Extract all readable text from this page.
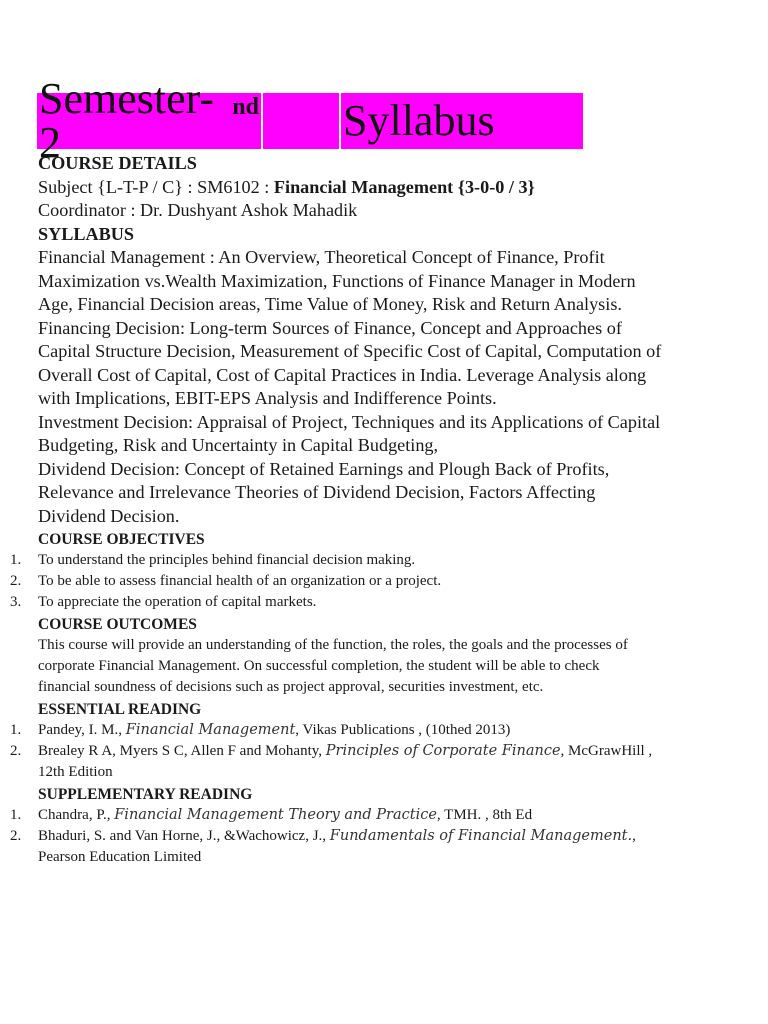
Semester- 2
$^{nd}$ Syllabus
COURSE DETAILS
Subject {L-T-P / C} : SM6102 : Financial Management {3-0-0 / 3}
Coordinator : Dr. Dushyant Ashok Mahadik
SYLLABUS
Financial Management : An Overview, Theoretical Concept of Finance, Profit
Maximization vs.Wealth Maximization, Functions of Finance Manager in Modern
Age, Financial Decision areas, Time Value of Money, Risk and Return Analysis.
Financing Decision: Long-term Sources of Finance, Concept and Approaches of
Capital Structure Decision, Measurement of Specific Cost of Capital, Computation of
Overall Cost of Capital, Cost of Capital Practices in India. Leverage Analysis along
with Implications, EBIT-EPS Analysis and Indifference Points.
Investment Decision: Appraisal of Project, Techniques and its Applications of Capital
Budgeting, Risk and Uncertainty in Capital Budgeting,
Dividend Decision: Concept of Retained Earnings and Plough Back of Profits,
Relevance and Irrelevance Theories of Dividend Decision, Factors Affecting
Dividend Decision.
COURSE OBJECTIVES
1. To understand the principles behind financial decision making.
2. To be able to assess financial health of an organization or a project.
3. To appreciate the operation of capital markets.
COURSE OUTCOMES
This course will provide an understanding of the function, the roles, the goals and the processes of
corporate Financial Management. On successful completion, the student will be able to check
financial soundness of decisions such as project approval, securities investment, etc.
ESSENTIAL READING
1. Pandey, I. M., Financial Management, Vikas Publications , (10thed 2013)
2. Brealey R A, Myers S C, Allen F and Mohanty, Principles of Corporate Finance, McGrawHill ,
12th Edition
SUPPLEMENTARY READING
1. Chandra, P., Financial Management Theory and Practice, TMH. , 8th Ed
2. Bhaduri, S. and Van Horne, J., &Wachowicz, J., Fundamentals of Financial Management.,
Pearson Education Limited
